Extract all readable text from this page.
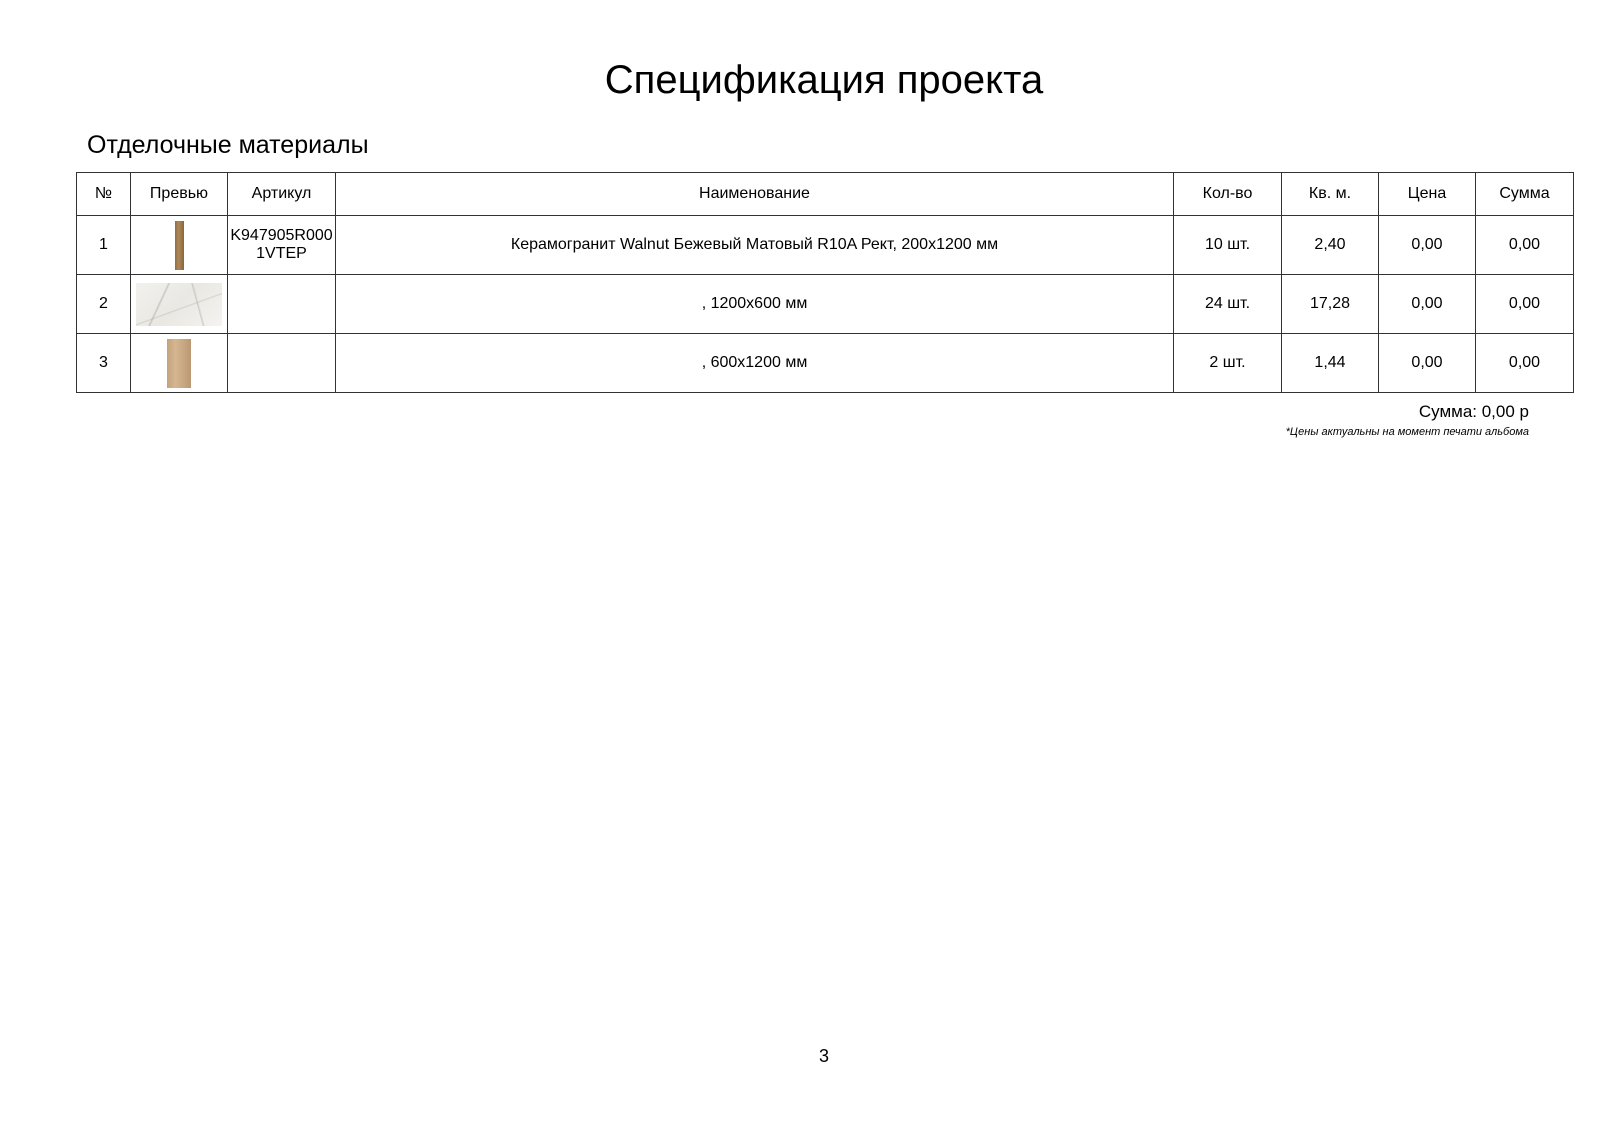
Спецификация проекта
Отделочные материалы
№	Превью	Артикул	Наименование	Кол-во	Кв. м.	Цена	Сумма
1		K947905R0001VTEP	Керамогранит Walnut Бежевый Матовый R10A Рект, 200x1200 мм	10 шт.	2,40	0,00	0,00
2			, 1200x600 мм	24 шт.	17,28	0,00	0,00
3			, 600x1200 мм	2 шт.	1,44	0,00	0,00
Сумма: 0,00 р
*Цены актуальны на момент печати альбома
3
